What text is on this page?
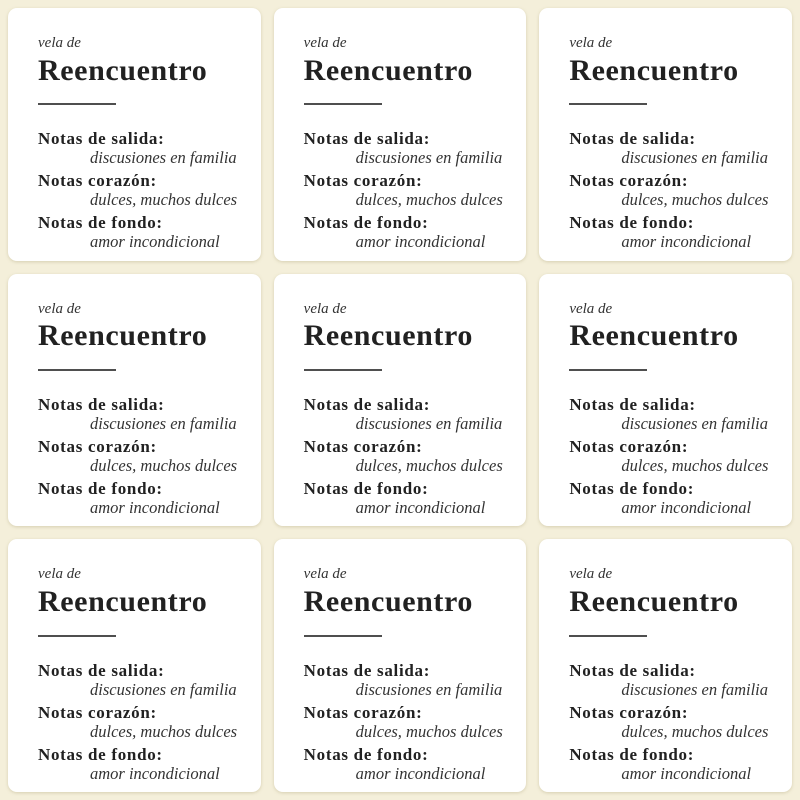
vela de
Reencuentro
Notas de salida:
discusiones en familia
Notas corazón:
dulces, muchos dulces
Notas de fondo:
amor incondicional
vela de
Reencuentro
Notas de salida:
discusiones en familia
Notas corazón:
dulces, muchos dulces
Notas de fondo:
amor incondicional
vela de
Reencuentro
Notas de salida:
discusiones en familia
Notas corazón:
dulces, muchos dulces
Notas de fondo:
amor incondicional
vela de
Reencuentro
Notas de salida:
discusiones en familia
Notas corazón:
dulces, muchos dulces
Notas de fondo:
amor incondicional
vela de
Reencuentro
Notas de salida:
discusiones en familia
Notas corazón:
dulces, muchos dulces
Notas de fondo:
amor incondicional
vela de
Reencuentro
Notas de salida:
discusiones en familia
Notas corazón:
dulces, muchos dulces
Notas de fondo:
amor incondicional
vela de
Reencuentro
Notas de salida:
discusiones en familia
Notas corazón:
dulces, muchos dulces
Notas de fondo:
amor incondicional
vela de
Reencuentro
Notas de salida:
discusiones en familia
Notas corazón:
dulces, muchos dulces
Notas de fondo:
amor incondicional
vela de
Reencuentro
Notas de salida:
discusiones en familia
Notas corazón:
dulces, muchos dulces
Notas de fondo:
amor incondicional
